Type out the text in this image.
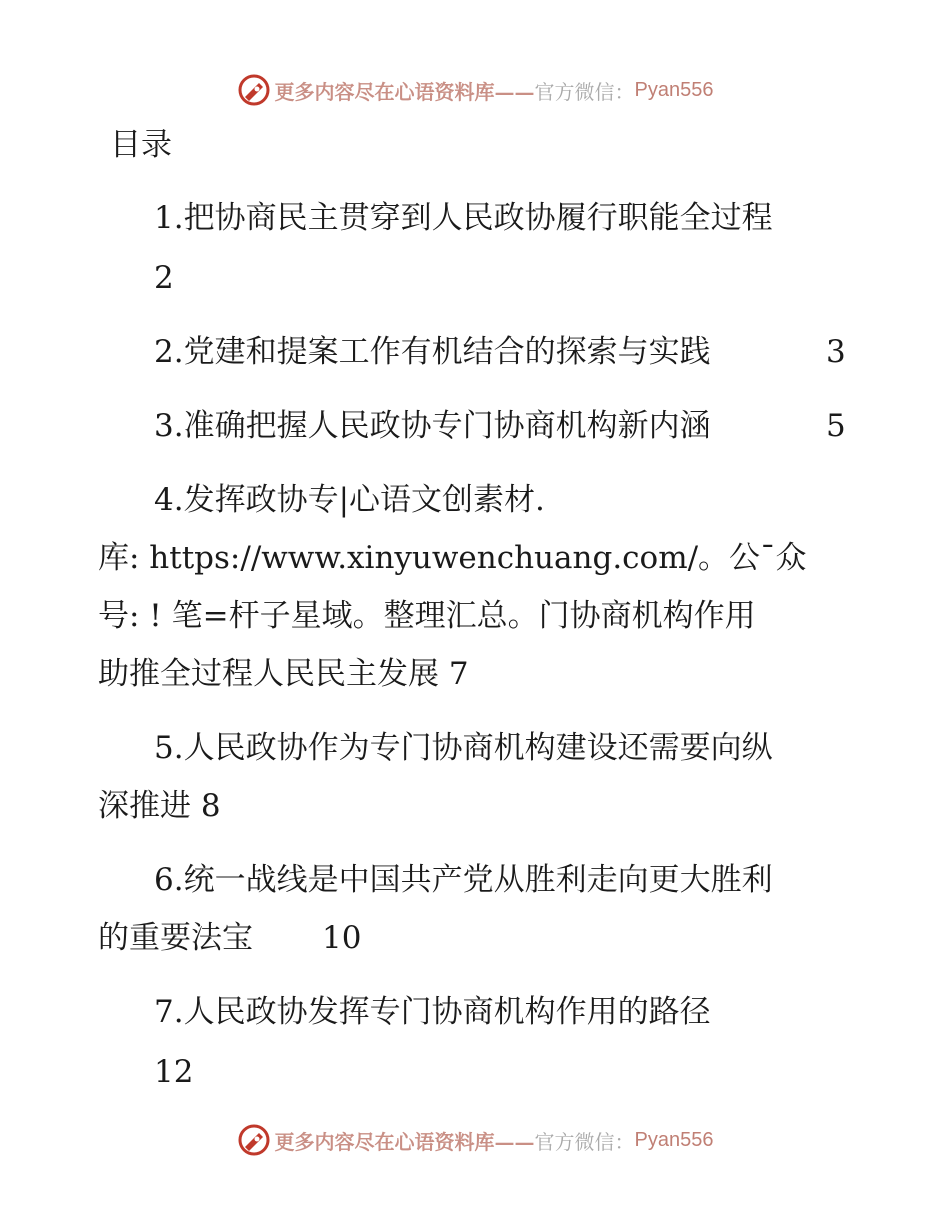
更多内容尽在心语资料库—— 官方微信： Pyan556
目录
1.把协商民主贯穿到人民政协履行职能全过程
2
2.党建和提案工作有机结合的探索与实践	3
3.准确把握人民政协专门协商机构新内涵	5
4.发挥政协专|心语文创素材.
库: https://www.xinyuwenchuang.com/。公¯众
号: ! 笔=杆子星域。整理汇总。门协商机构作用
助推全过程人民民主发展 7
5.人民政协作为专门协商机构建设还需要向纵
深推进 8
6.统一战线是中国共产党从胜利走向更大胜利
的重要法宝 10
7.人民政协发挥专门协商机构作用的路径
12
更多内容尽在心语资料库—— 官方微信： Pyan556
